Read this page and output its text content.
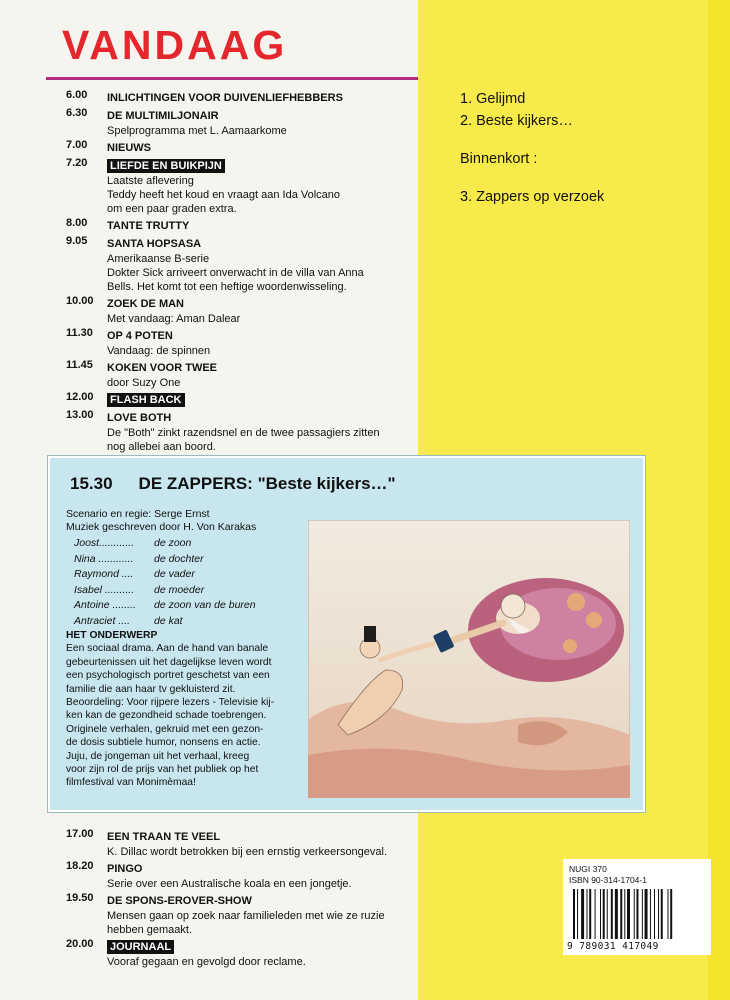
VANDAAG
6.00	INLICHTINGEN VOOR DUIVENLIEFHEBBERS
6.30	DE MULTIMILJONAIR
Spelprogramma met L. Aamaarkome
7.00	NIEUWS
7.20	LIEFDE EN BUIKPIJN
Laatste aflevering
Teddy heeft het koud en vraagt aan Ida Volcano
om een paar graden extra.
8.00	TANTE TRUTTY
9.05	SANTA HOPSASA
Amerikaanse B-serie
Dokter Sick arriveert onverwacht in de villa van Anna
Bells. Het komt tot een heftige woordenwisseling.
10.00	ZOEK DE MAN
Met vandaag: Aman Dalear
11.30	OP 4 POTEN
Vandaag: de spinnen
11.45	KOKEN VOOR TWEE
door Suzy One
12.00	FLASH BACK
13.00	LOVE BOTH
De "Both" zinkt razendsnel en de twee passagiers zitten
nog allebei aan boord.
1. Gelijmd
2. Beste kijkers…
Binnenkort :
3. Zappers op verzoek
15.30 DE ZAPPERS: "Beste kijkers…"
Scenario en regie: Serge Ernst
Muziek geschreven door H. Von Karakas
Joost............	de zoon
Nina ............	de dochter
Raymond ....	de vader
Isabel ..........	de moeder
Antoine ........	de zoon van de buren
Antraciet ....	de kat
HET ONDERWERP
Een sociaal drama. Aan de hand van banale
gebeurtenissen uit het dagelijkse leven wordt
een psychologisch portret geschetst van een
familie die aan haar tv gekluisterd zit.
Beoordeling: Voor rijpere lezers - Televisie kij-
ken kan de gezondheid schade toebrengen.
Originele verhalen, gekruid met een gezon-
de dosis subtiele humor, nonsens en actie.
Juju, de jongeman uit het verhaal, kreeg
voor zijn rol de prijs van het publiek op het
filmfestival van Monimèmaa!
17.00	EEN TRAAN TE VEEL
K. Dillac wordt betrokken bij een ernstig verkeersongeval.
18.20	PINGO
Serie over een Australische koala en een jongetje.
19.50	DE SPONS-EROVER-SHOW
Mensen gaan op zoek naar familieleden met wie ze ruzie
hebben gemaakt.
20.00	JOURNAAL
Vooraf gegaan en gevolgd door reclame.
NUGI 370
ISBN 90-314-1704-1
9 789031 417049
